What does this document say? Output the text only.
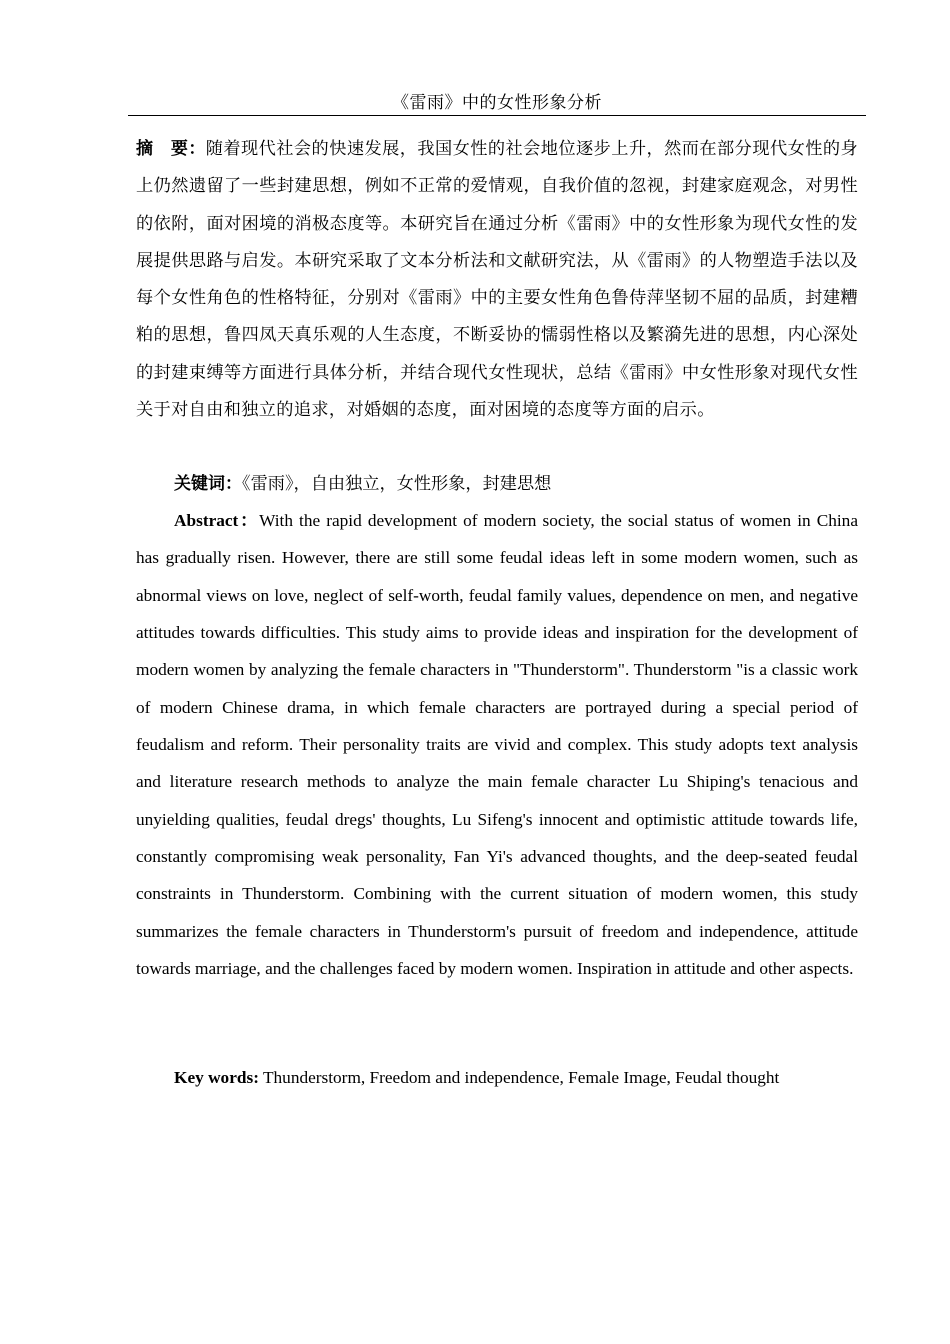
《雷雨》中的女性形象分析
摘　要：随着现代社会的快速发展，我国女性的社会地位逐步上升，然而在部分现代女性的身上仍然遗留了一些封建思想，例如不正常的爱情观，自我价值的忽视，封建家庭观念，对男性的依附，面对困境的消极态度等。本研究旨在通过分析《雷雨》中的女性形象为现代女性的发展提供思路与启发。本研究采取了文本分析法和文献研究法，从《雷雨》的人物塑造手法以及每个女性角色的性格特征，分别对《雷雨》中的主要女性角色鲁侍萍坚韧不屈的品质，封建糟粕的思想，鲁四凤天真乐观的人生态度，不断妥协的懦弱性格以及繁漪先进的思想，内心深处的封建束缚等方面进行具体分析，并结合现代女性现状，总结《雷雨》中女性形象对现代女性关于对自由和独立的追求，对婚姻的态度，面对困境的态度等方面的启示。
关键词：《雷雨》，自由独立，女性形象，封建思想
Abstract：With the rapid development of modern society, the social status of women in China has gradually risen. However, there are still some feudal ideas left in some modern women, such as abnormal views on love, neglect of self-worth, feudal family values, dependence on men, and negative attitudes towards difficulties. This study aims to provide ideas and inspiration for the development of modern women by analyzing the female characters in "Thunderstorm". Thunderstorm "is a classic work of modern Chinese drama, in which female characters are portrayed during a special period of feudalism and reform. Their personality traits are vivid and complex. This study adopts text analysis and literature research methods to analyze the main female character Lu Shiping's tenacious and unyielding qualities, feudal dregs' thoughts, Lu Sifeng's innocent and optimistic attitude towards life, constantly compromising weak personality, Fan Yi's advanced thoughts, and the deep-seated feudal constraints in Thunderstorm. Combining with the current situation of modern women, this study summarizes the female characters in Thunderstorm's pursuit of freedom and independence, attitude towards marriage, and the challenges faced by modern women. Inspiration in attitude and other aspects.
Key words: Thunderstorm, Freedom and independence, Female Image, Feudal thought
